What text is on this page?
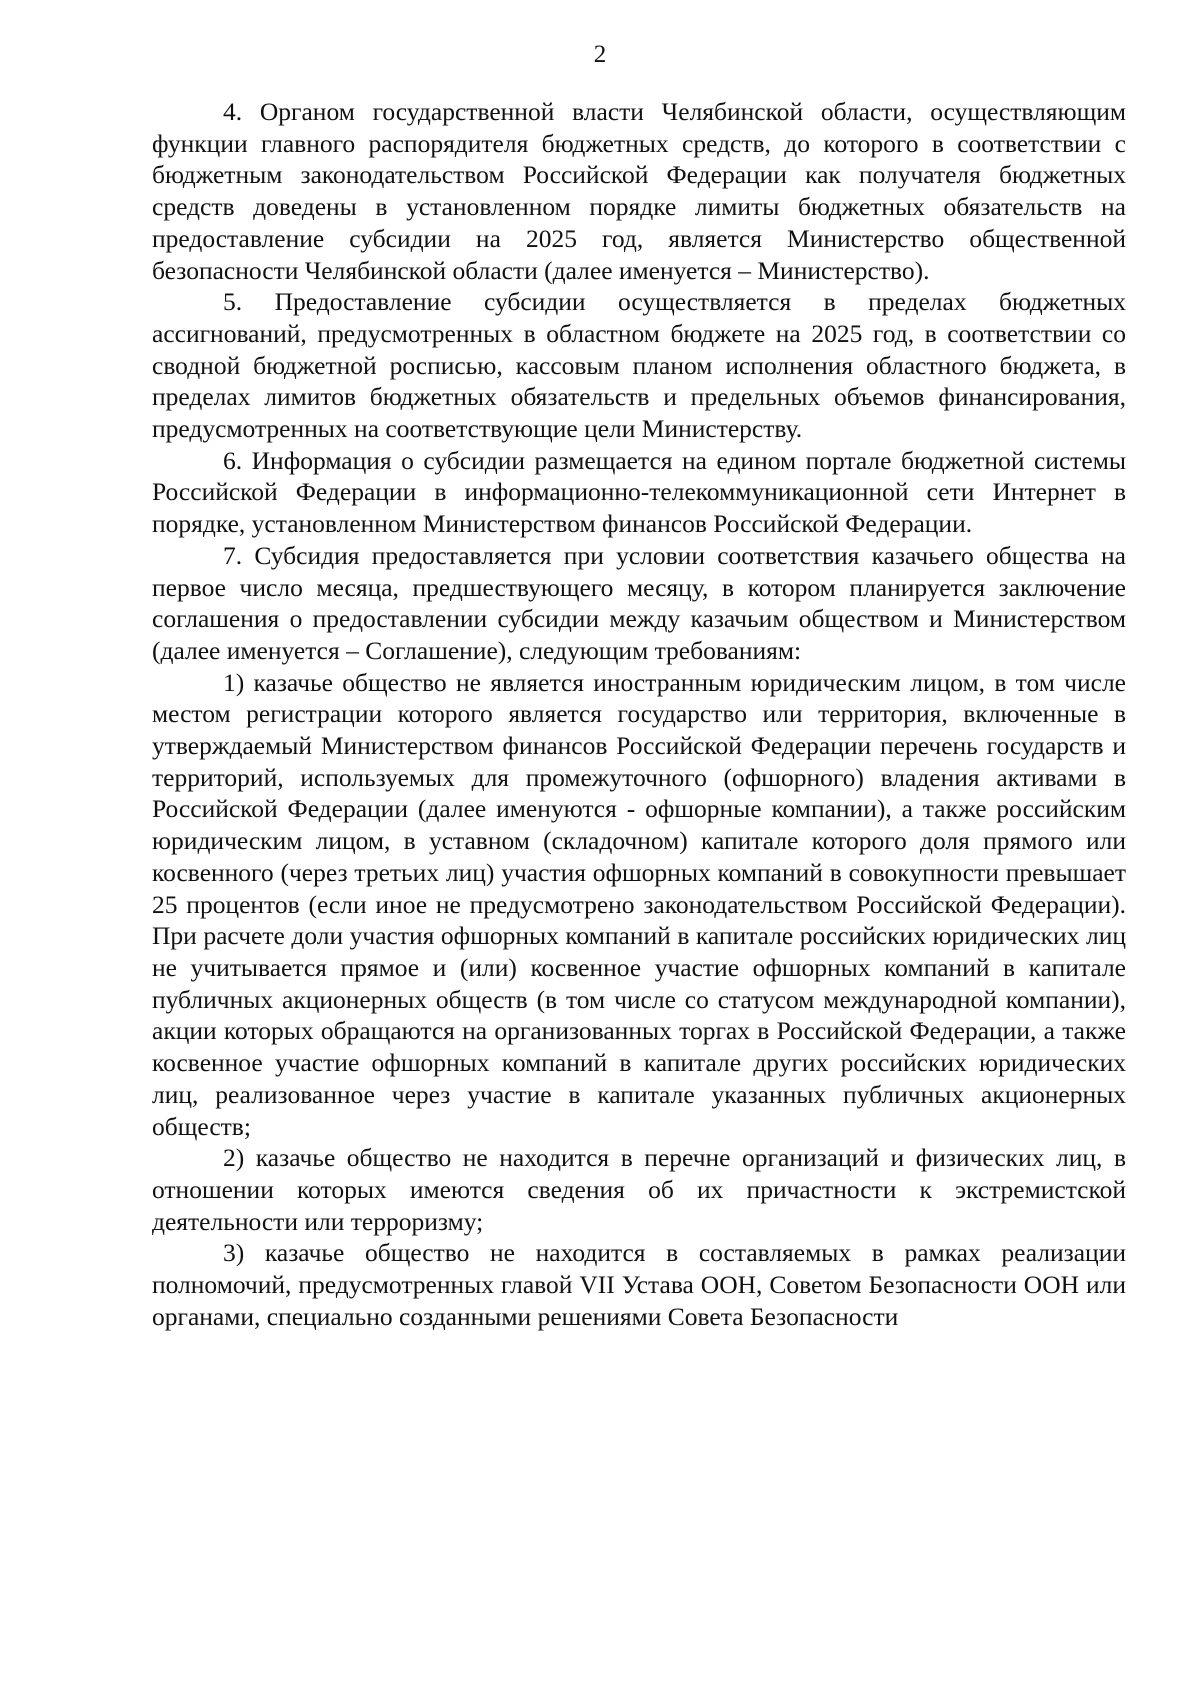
2

4. Органом государственной власти Челябинской области, осуществляющим функции главного распорядителя бюджетных средств, до которого в соответствии с бюджетным законодательством Российской Федерации как получателя бюджетных средств доведены в установленном порядке лимиты бюджетных обязательств на предоставление субсидии на 2025 год, является Министерство общественной безопасности Челябинской области (далее именуется – Министерство).

5. Предоставление субсидии осуществляется в пределах бюджетных ассигнований, предусмотренных в областном бюджете на 2025 год, в соответствии со сводной бюджетной росписью, кассовым планом исполнения областного бюджета, в пределах лимитов бюджетных обязательств и предельных объемов финансирования, предусмотренных на соответствующие цели Министерству.

6. Информация о субсидии размещается на едином портале бюджетной системы Российской Федерации в информационно-телекоммуникационной сети Интернет в порядке, установленном Министерством финансов Российской Федерации.

7. Субсидия предоставляется при условии соответствия казачьего общества на первое число месяца, предшествующего месяцу, в котором планируется заключение соглашения о предоставлении субсидии между казачьим обществом и Министерством (далее именуется – Соглашение), следующим требованиям:

1) казачье общество не является иностранным юридическим лицом, в том числе местом регистрации которого является государство или территория, включенные в утверждаемый Министерством финансов Российской Федерации перечень государств и территорий, используемых для промежуточного (офшорного) владения активами в Российской Федерации (далее именуются - офшорные компании), а также российским юридическим лицом, в уставном (складочном) капитале которого доля прямого или косвенного (через третьих лиц) участия офшорных компаний в совокупности превышает 25 процентов (если иное не предусмотрено законодательством Российской Федерации). При расчете доли участия офшорных компаний в капитале российских юридических лиц не учитывается прямое и (или) косвенное участие офшорных компаний в капитале публичных акционерных обществ (в том числе со статусом международной компании), акции которых обращаются на организованных торгах в Российской Федерации, а также косвенное участие офшорных компаний в капитале других российских юридических лиц, реализованное через участие в капитале указанных публичных акционерных обществ;

2) казачье общество не находится в перечне организаций и физических лиц, в отношении которых имеются сведения об их причастности к экстремистской деятельности или терроризму;

3) казачье общество не находится в составляемых в рамках реализации полномочий, предусмотренных главой VII Устава ООН, Советом Безопасности ООН или органами, специально созданными решениями Совета Безопасности
